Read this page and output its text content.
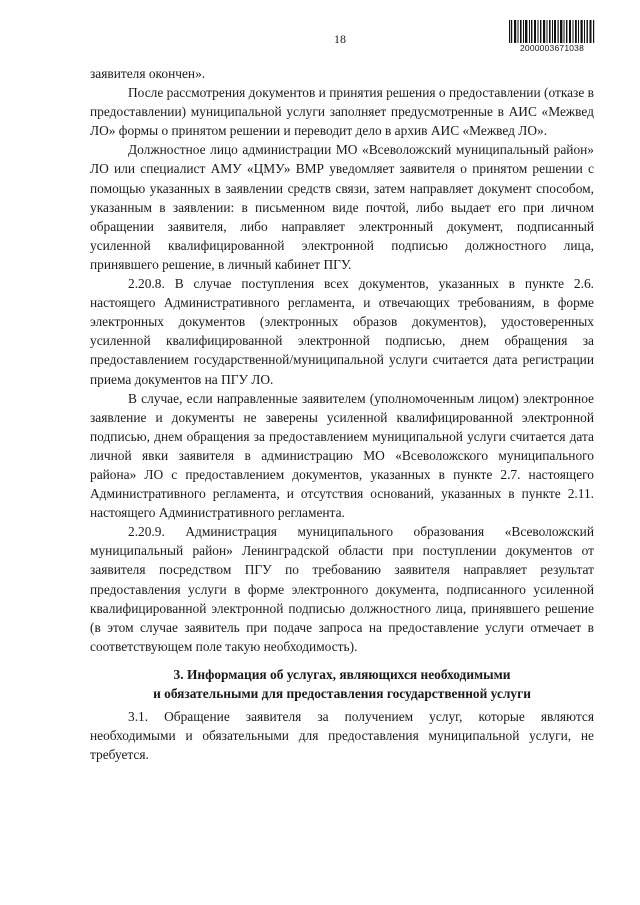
18
2000003671038

заявителя окончен».

После рассмотрения документов и принятия решения о предоставлении (отказе в предоставлении) муниципальной услуги заполняет предусмотренные в АИС «Межвед ЛО» формы о принятом решении и переводит дело в архив АИС «Межвед ЛО».

Должностное лицо администрации МО «Всеволожский муниципальный район» ЛО или специалист АМУ «ЦМУ» ВМР уведомляет заявителя о принятом решении с помощью указанных в заявлении средств связи, затем направляет документ способом, указанным в заявлении: в письменном виде почтой, либо выдает его при личном обращении заявителя, либо направляет электронный документ, подписанный усиленной квалифицированной электронной подписью должностного лица, принявшего решение, в личный кабинет ПГУ.

2.20.8. В случае поступления всех документов, указанных в пункте 2.6. настоящего Административного регламента, и отвечающих требованиям, в форме электронных документов (электронных образов документов), удостоверенных усиленной квалифицированной электронной подписью, днем обращения за предоставлением государственной/муниципальной услуги считается дата регистрации приема документов на ПГУ ЛО.

В случае, если направленные заявителем (уполномоченным лицом) электронное заявление и документы не заверены усиленной квалифицированной электронной подписью, днем обращения за предоставлением муниципальной услуги считается дата личной явки заявителя в администрацию МО «Всеволожского муниципального района» ЛО с предоставлением документов, указанных в пункте 2.7. настоящего Административного регламента, и отсутствия оснований, указанных в пункте 2.11. настоящего Административного регламента.

2.20.9. Администрация муниципального образования «Всеволожский муниципальный район» Ленинградской области при поступлении документов от заявителя посредством ПГУ по требованию заявителя направляет результат предоставления услуги в форме электронного документа, подписанного усиленной квалифицированной электронной подписью должностного лица, принявшего решение (в этом случае заявитель при подаче запроса на предоставление услуги отмечает в соответствующем поле такую необходимость).

3. Информация об услугах, являющихся необходимыми
и обязательными для предоставления государственной услуги

3.1. Обращение заявителя за получением услуг, которые являются необходимыми и обязательными для предоставления муниципальной услуги, не требуется.
